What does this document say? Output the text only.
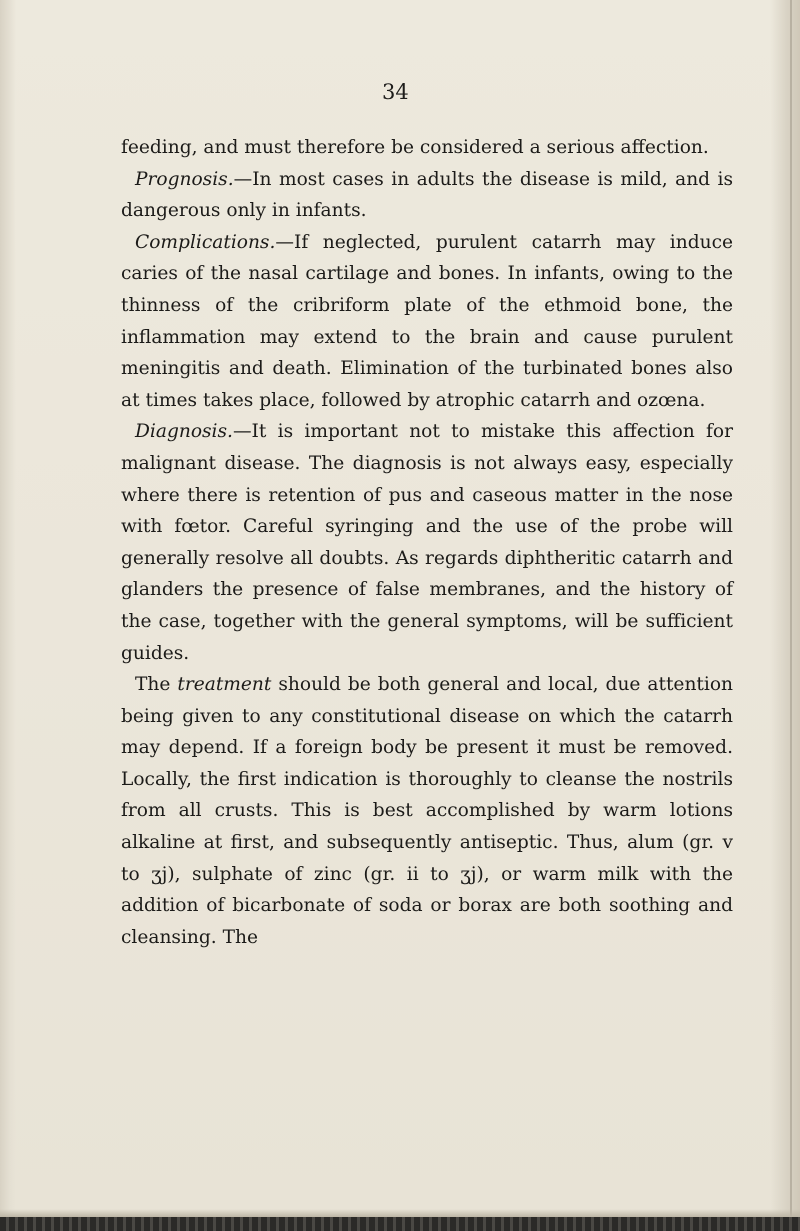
34

feeding, and must therefore be considered a serious affection.

Prognosis.—In most cases in adults the disease is mild, and is dangerous only in infants.

Complications.—If neglected, purulent catarrh may induce caries of the nasal cartilage and bones. In infants, owing to the thinness of the cribriform plate of the ethmoid bone, the inflammation may extend to the brain and cause purulent meningitis and death. Elimination of the turbinated bones also at times takes place, followed by atrophic catarrh and ozœna.

Diagnosis.—It is important not to mistake this affection for malignant disease. The diagnosis is not always easy, especially where there is retention of pus and caseous matter in the nose with fœtor. Careful syringing and the use of the probe will generally resolve all doubts. As regards diphtheritic catarrh and glanders the presence of false membranes, and the history of the case, together with the general symptoms, will be sufficient guides.

The treatment should be both general and local, due attention being given to any constitutional disease on which the catarrh may depend. If a foreign body be present it must be removed. Locally, the first indication is thoroughly to cleanse the nostrils from all crusts. This is best accomplished by warm lotions alkaline at first, and subsequently antiseptic. Thus, alum (gr. v to ʒj), sulphate of zinc (gr. ii to ʒj), or warm milk with the addition of bicarbonate of soda or borax are both soothing and cleansing. The
